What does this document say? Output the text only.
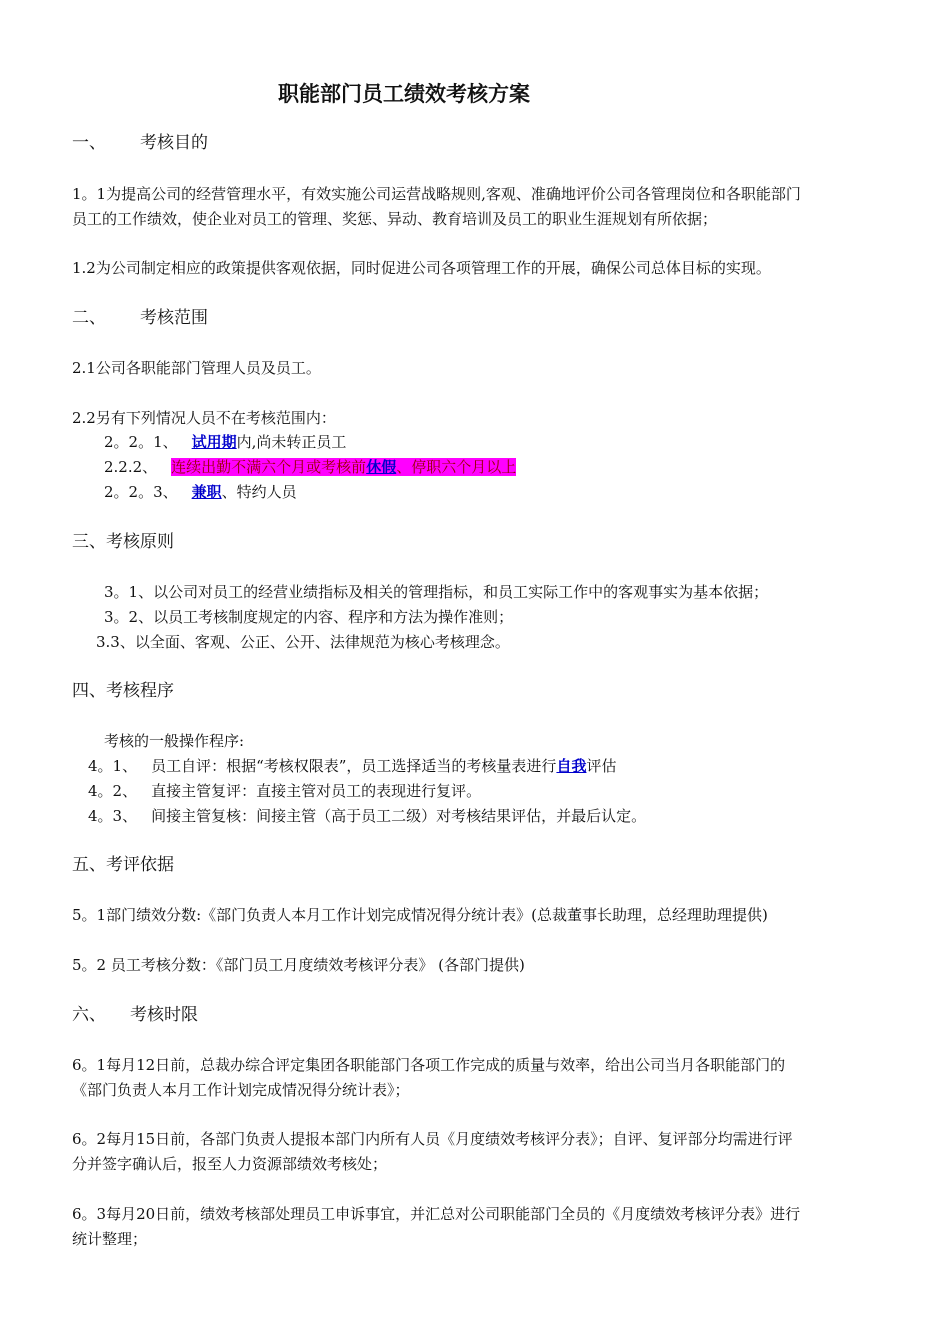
职能部门员工绩效考核方案
一、 考核目的
1。1为提高公司的经营管理水平，有效实施公司运营战略规则,客观、准确地评价公司各管理岗位和各职能部门
员工的工作绩效，使企业对员工的管理、奖惩、异动、教育培训及员工的职业生涯规划有所依据；
1.2为公司制定相应的政策提供客观依据，同时促进公司各项管理工作的开展，确保公司总体目标的实现。
二、 考核范围
2.1公司各职能部门管理人员及员工。
2.2另有下列情况人员不在考核范围内：
2。2。1、 试用期内,尚未转正员工
2.2.2、 连续出勤不满六个月或考核前休假、停职六个月以上
2。2。3、 兼职、特约人员
三、考核原则
3。1、以公司对员工的经营业绩指标及相关的管理指标，和员工实际工作中的客观事实为基本依据；
3。2、以员工考核制度规定的内容、程序和方法为操作准则；
3.3、以全面、客观、公正、公开、法律规范为核心考核理念。
四、考核程序
考核的一般操作程序:
4。1、 员工自评：根据“考核权限表”，员工选择适当的考核量表进行自我评估
4。2、 直接主管复评：直接主管对员工的表现进行复评。
4。3、 间接主管复核：间接主管（高于员工二级）对考核结果评估，并最后认定。
五、考评依据
5。1部门绩效分数:《部门负责人本月工作计划完成情况得分统计表》(总裁董事长助理，总经理助理提供)
5。2 员工考核分数：《部门员工月度绩效考核评分表》 (各部门提供)
六、 考核时限
6。1每月12日前，总裁办综合评定集团各职能部门各项工作完成的质量与效率，给出公司当月各职能部门的
《部门负责人本月工作计划完成情况得分统计表》；
6。2每月15日前，各部门负责人提报本部门内所有人员《月度绩效考核评分表》；自评、复评部分均需进行评
分并签字确认后，报至人力资源部绩效考核处；
6。3每月20日前，绩效考核部处理员工申诉事宜，并汇总对公司职能部门全员的《月度绩效考核评分表》进行
统计整理；
